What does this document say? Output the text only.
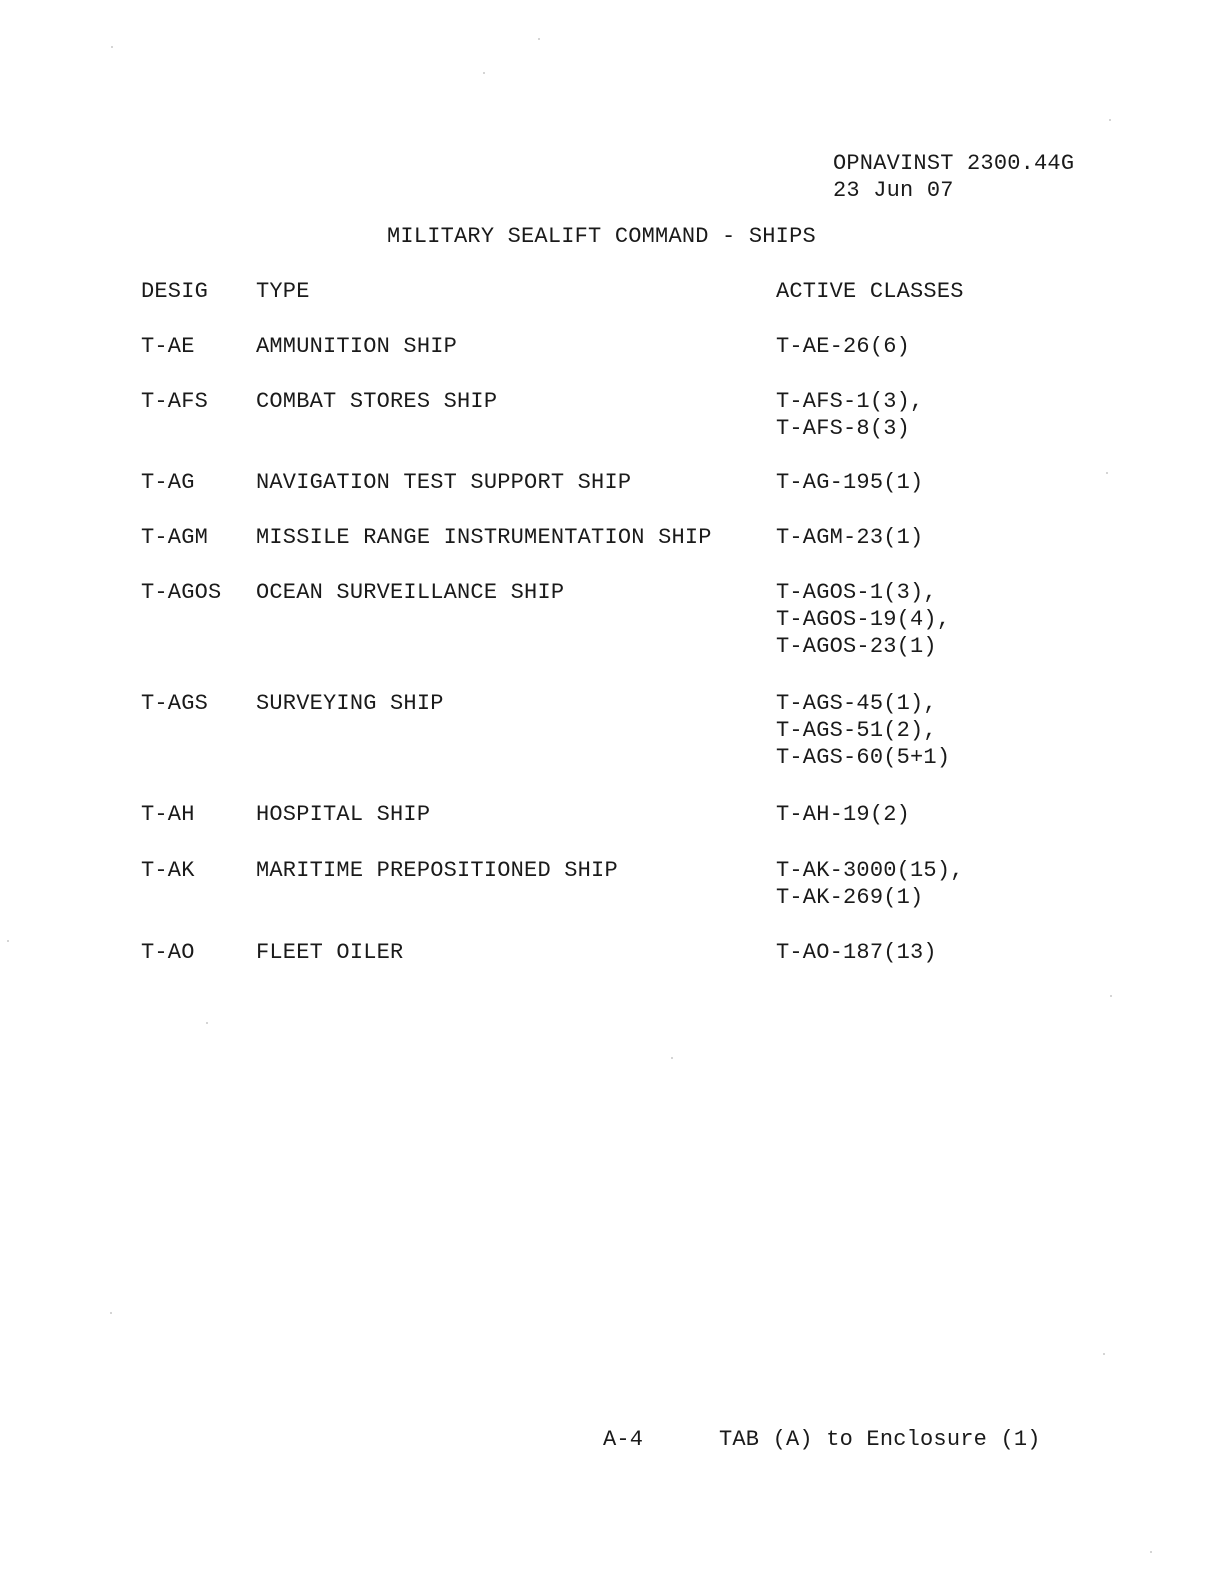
OPNAVINST 2300.44G
23 Jun 07
MILITARY SEALIFT COMMAND - SHIPS
DESIG TYPE	ACTIVE CLASSES
T-AE	AMMUNITION SHIP	T-AE-26(6)
T-AFS COMBAT STORES SHIP	T-AFS-1(3),
T-AFS-8(3)
T-AG	NAVIGATION TEST SUPPORT SHIP	T-AG-195(1)
T-AGM MISSILE RANGE INSTRUMENTATION SHIP	T-AGM-23(1)
T-AGOS OCEAN SURVEILLANCE SHIP	T-AGOS-1(3),
T-AGOS-19(4),
T-AGOS-23(1)
T-AGS SURVEYING SHIP	T-AGS-45(1),
T-AGS-51(2),
T-AGS-60(5+1)
T-AH	HOSPITAL SHIP	T-AH-19(2)
T-AK	MARITIME PREPOSITIONED SHIP	T-AK-3000(15),
T-AK-269(1)
T-AO	FLEET OILER	T-AO-187(13)
A-4	TAB (A) to Enclosure (1)
